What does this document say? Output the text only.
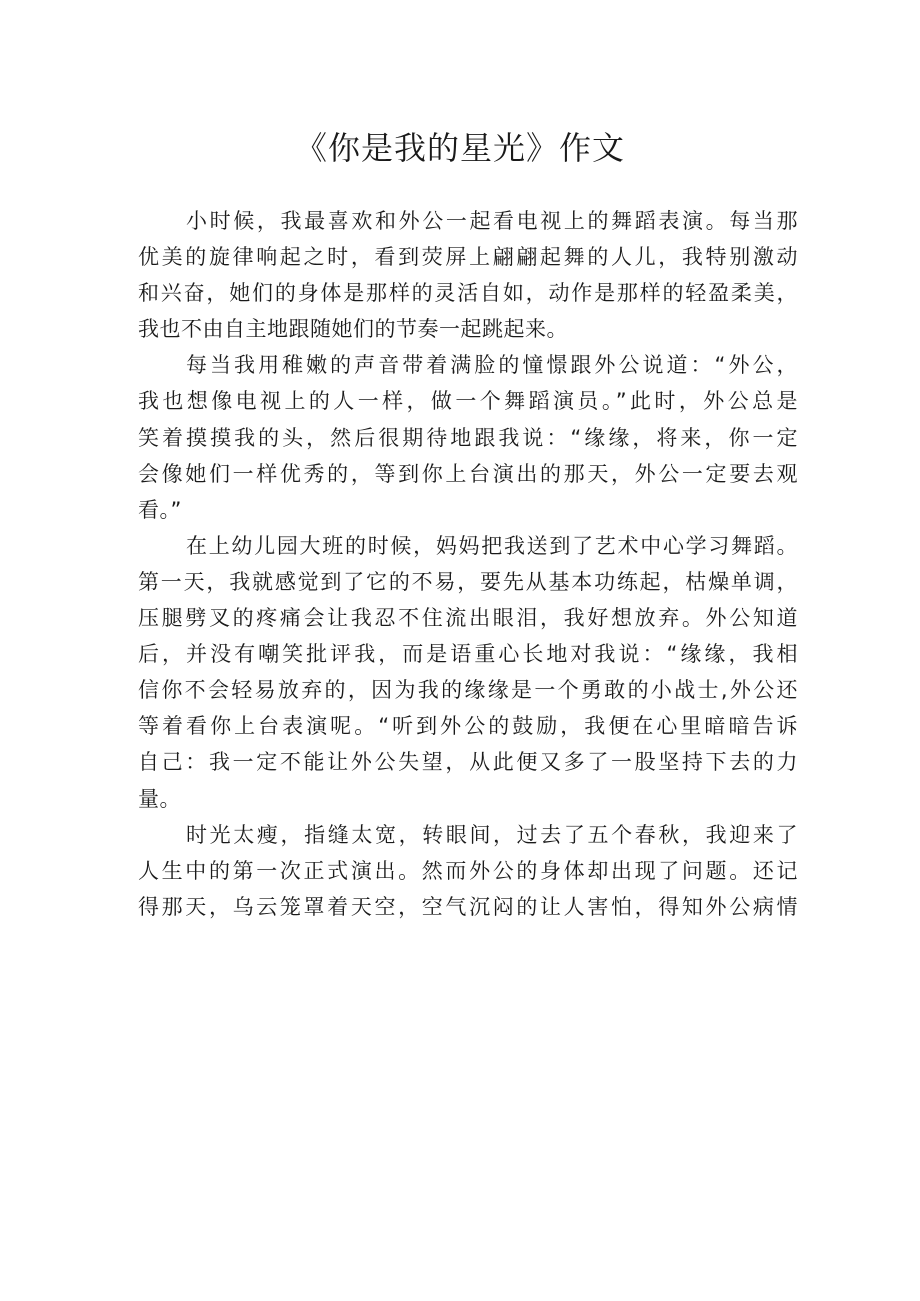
《你是我的星光》作文
小时候，我最喜欢和外公一起看电视上的舞蹈表演。每当那
优美的旋律响起之时，看到荧屏上翩翩起舞的人儿，我特别激动
和兴奋，她们的身体是那样的灵活自如，动作是那样的轻盈柔美，
我也不由自主地跟随她们的节奏一起跳起来。
每当我用稚嫩的声音带着满脸的憧憬跟外公说道：“外公，
我也想像电视上的人一样，做一个舞蹈演员。”此时，外公总是
笑着摸摸我的头，然后很期待地跟我说：“缘缘，将来，你一定
会像她们一样优秀的，等到你上台演出的那天，外公一定要去观
看。”
在上幼儿园大班的时候，妈妈把我送到了艺术中心学习舞蹈。
第一天，我就感觉到了它的不易，要先从基本功练起，枯燥单调，
压腿劈叉的疼痛会让我忍不住流出眼泪，我好想放弃。外公知道
后，并没有嘲笑批评我，而是语重心长地对我说：“缘缘，我相
信你不会轻易放弃的，因为我的缘缘是一个勇敢的小战士,外公还
等着看你上台表演呢。“听到外公的鼓励，我便在心里暗暗告诉
自己：我一定不能让外公失望，从此便又多了一股坚持下去的力
量。
时光太瘦，指缝太宽，转眼间，过去了五个春秋，我迎来了
人生中的第一次正式演出。然而外公的身体却出现了问题。还记
得那天，乌云笼罩着天空，空气沉闷的让人害怕，得知外公病情
